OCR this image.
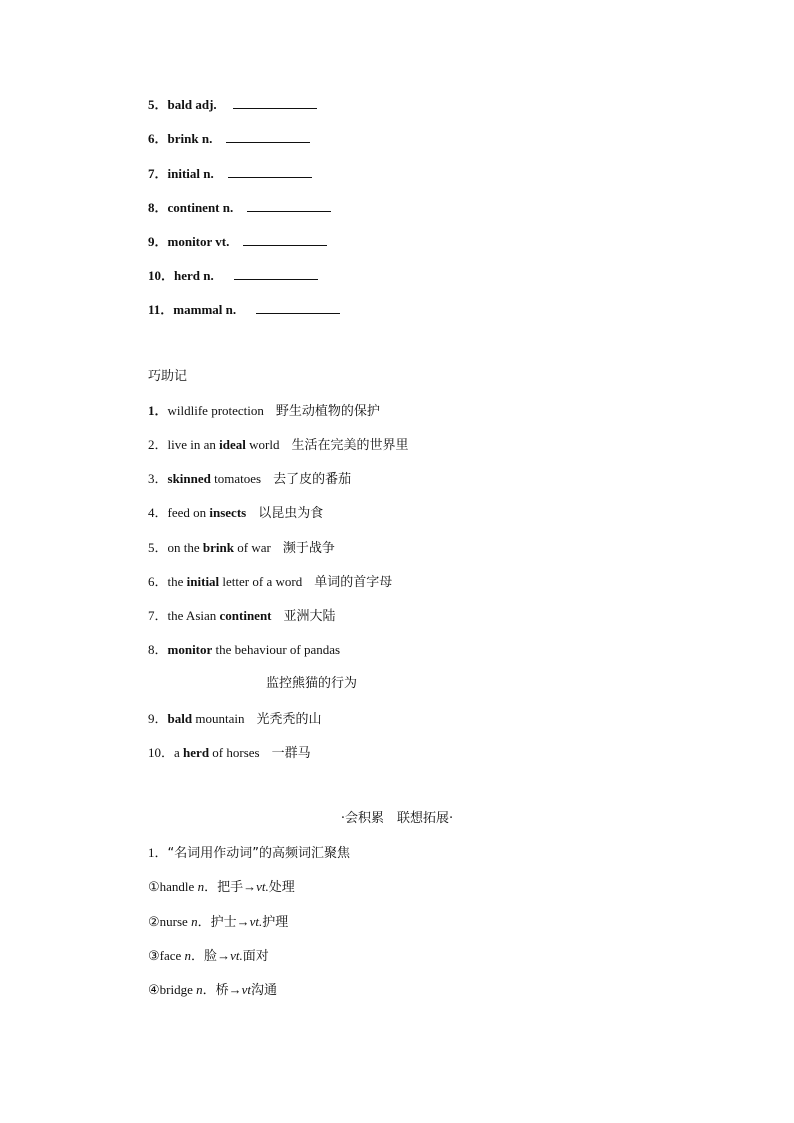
5．bald adj.
6．brink n.
7．initial n.
8．continent n.
9．monitor vt.
10．herd n.
11．mammal n.
巧助记
1．wildlife protection 野生动植物的保护
2．live in an ideal world 生活在完美的世界里
3．skinned tomatoes 去了皮的番茄
4．feed on insects 以昆虫为食
5．on the brink of war 濒于战争
6．the initial letter of a word 单词的首字母
7．the Asian continent 亚洲大陆
8．monitor the behaviour of pandas
监控熊猫的行为
9．bald mountain 光秃秃的山
10．a herd of horses 一群马
·会积累　联想拓展·
1．“名词用作动词”的高频词汇聚焦
①handle n．把手→vt.处理
②nurse n．护士→vt.护理
③face n．脸→vt.面对
④bridge n．桥→vt沟通
